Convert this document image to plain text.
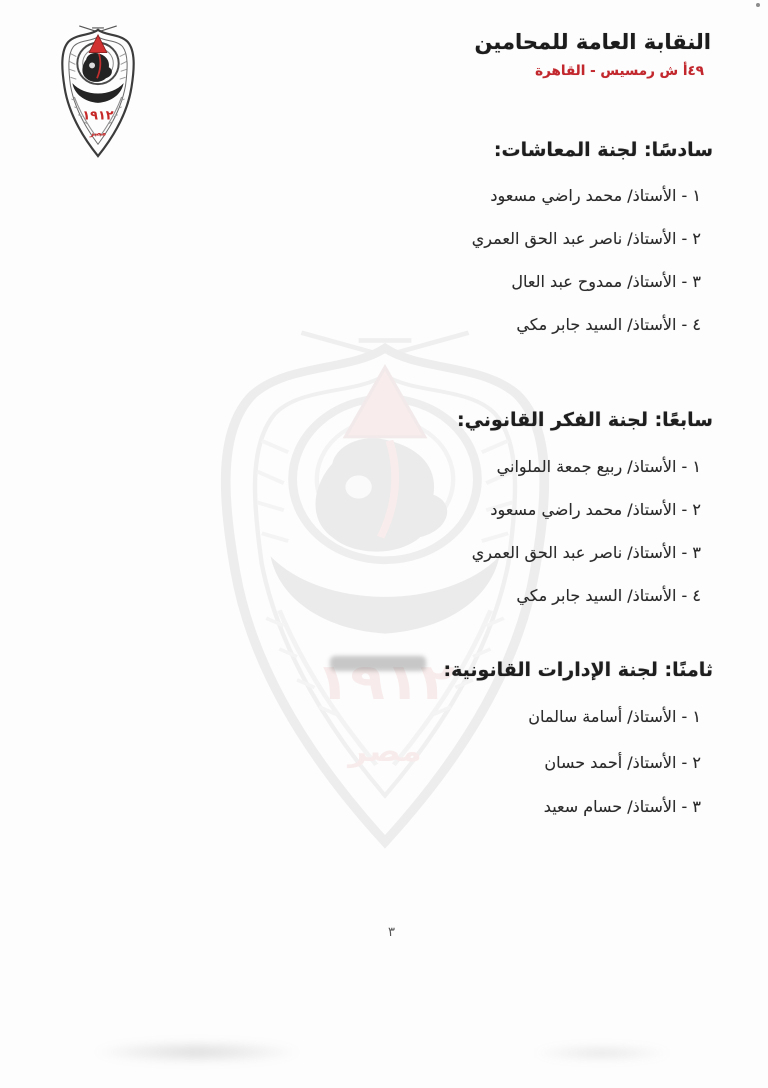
١٩١٢
مصر
النقابة العامة للمحامين
٤٩أ ش رمسيس - القاهرة
سادسًا: لجنة المعاشات:
١ - الأستاذ/ محمد راضي مسعود
٢ - الأستاذ/ ناصر عبد الحق العمري
٣ - الأستاذ/ ممدوح عبد العال
٤ - الأستاذ/ السيد جابر مكي
سابعًا: لجنة الفكر القانوني:
١ - الأستاذ/ ربيع جمعة الملواني
٢ - الأستاذ/ محمد راضي مسعود
٣ - الأستاذ/ ناصر عبد الحق العمري
٤ - الأستاذ/ السيد جابر مكي
ثامنًا: لجنة الإدارات القانونية:
١ - الأستاذ/ أسامة سالمان
٢ - الأستاذ/ أحمد حسان
٣ - الأستاذ/ حسام سعيد
٣
